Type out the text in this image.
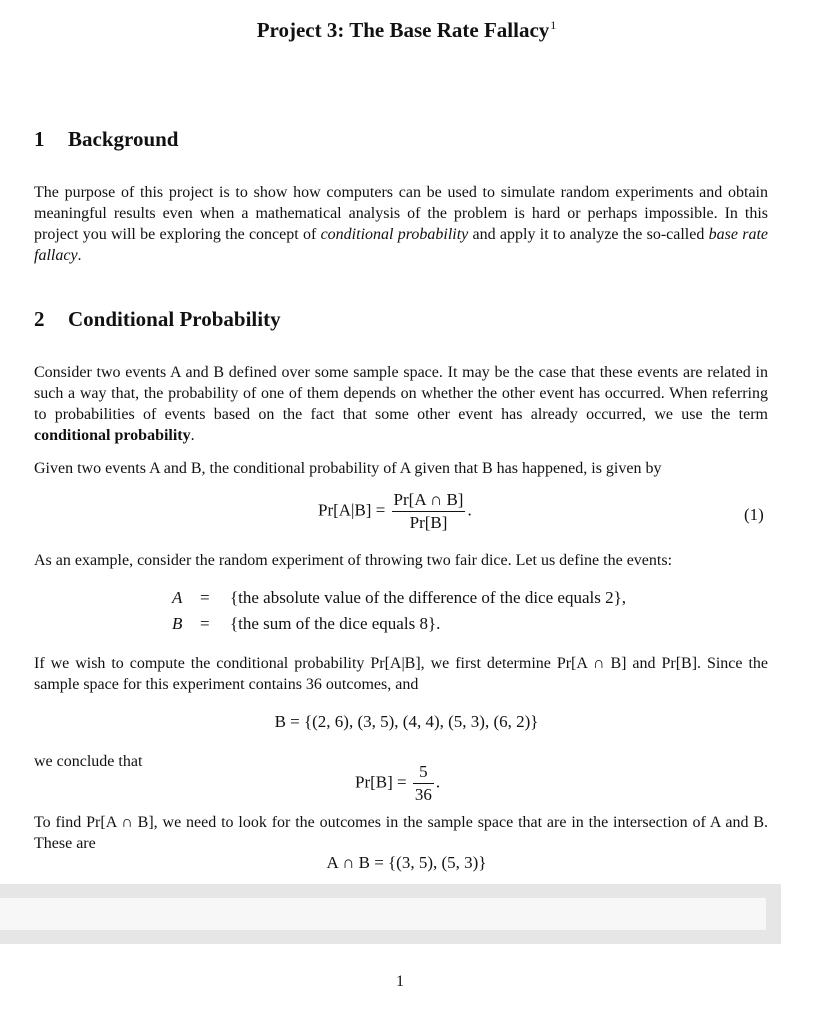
Project 3: The Base Rate Fallacy$^1$
1 Background
The purpose of this project is to show how computers can be used to simulate random experiments and obtain meaningful results even when a mathematical analysis of the problem is hard or perhaps impossible. In this project you will be exploring the concept of conditional probability and apply it to analyze the so-called base rate fallacy.
2 Conditional Probability
Consider two events A and B defined over some sample space. It may be the case that these events are related in such a way that, the probability of one of them depends on whether the other event has occurred. When referring to probabilities of events based on the fact that some other event has already occurred, we use the term conditional probability.
Given two events A and B, the conditional probability of A given that B has happened, is given by
$Pr[A|B] = \frac{Pr[A \cap B]}{Pr[B]}$ .	(1)
As an example, consider the random experiment of throwing two fair dice. Let us define the events:
A = {the absolute value of the difference of the dice equals 2},
B = {the sum of the dice equals 8}.
If we wish to compute the conditional probability Pr[A|B], we first determine Pr[A ∩ B] and Pr[B]. Since the sample space for this experiment contains 36 outcomes, and
B = {(2, 6), (3, 5), (4, 4), (5, 3), (6, 2)}
we conclude that
$Pr[B] = \frac{5}{36}$ .
To find Pr[A ∩ B], we need to look for the outcomes in the sample space that are in the intersection of A and B. These are
A ∩ B = {(3, 5), (5, 3)}
1
